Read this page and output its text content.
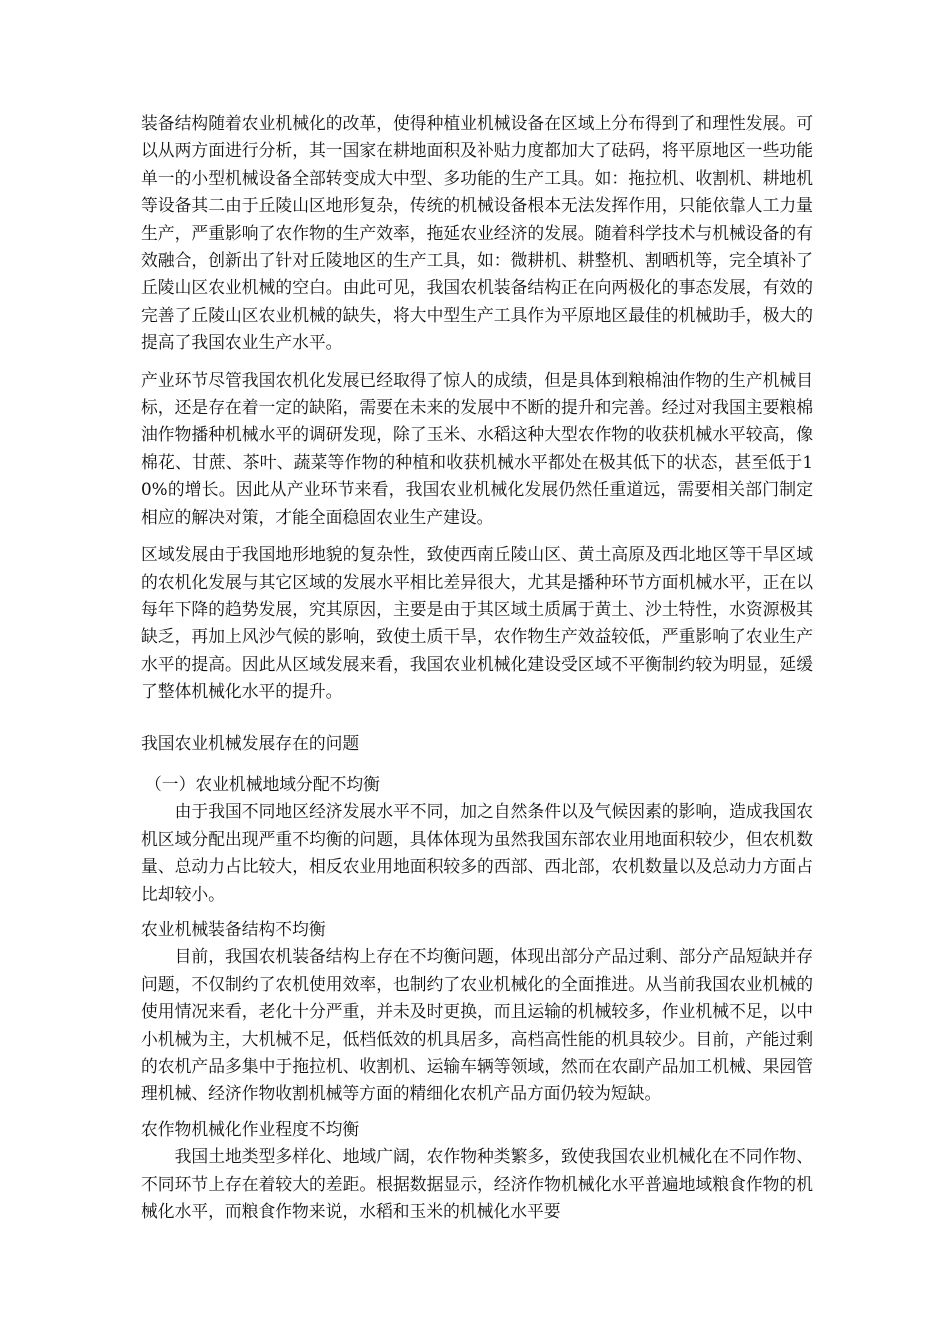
装备结构随着农业机械化的改革，使得种植业机械设备在区域上分布得到了和理性发展。可以从两方面进行分析，其一国家在耕地面积及补贴力度都加大了砝码，将平原地区一些功能单一的小型机械设备全部转变成大中型、多功能的生产工具。如：拖拉机、收割机、耕地机等设备其二由于丘陵山区地形复杂，传统的机械设备根本无法发挥作用，只能依靠人工力量生产，严重影响了农作物的生产效率，拖延农业经济的发展。随着科学技术与机械设备的有效融合，创新出了针对丘陵地区的生产工具，如：微耕机、耕整机、割晒机等，完全填补了丘陵山区农业机械的空白。由此可见，我国农机装备结构正在向两极化的事态发展，有效的完善了丘陵山区农业机械的缺失，将大中型生产工具作为平原地区最佳的机械助手，极大的提高了我国农业生产水平。

产业环节尽管我国农机化发展已经取得了惊人的成绩，但是具体到粮棉油作物的生产机械目标，还是存在着一定的缺陷，需要在未来的发展中不断的提升和完善。经过对我国主要粮棉油作物播种机械水平的调研发现，除了玉米、水稻这种大型农作物的收获机械水平较高，像棉花、甘蔗、茶叶、蔬菜等作物的种植和收获机械水平都处在极其低下的状态，甚至低于10%的增长。因此从产业环节来看，我国农业机械化发展仍然任重道远，需要相关部门制定相应的解决对策，才能全面稳固农业生产建设。

区域发展由于我国地形地貌的复杂性，致使西南丘陵山区、黄土高原及西北地区等干旱区域的农机化发展与其它区域的发展水平相比差异很大，尤其是播种环节方面机械水平，正在以每年下降的趋势发展，究其原因，主要是由于其区域土质属于黄土、沙土特性，水资源极其缺乏，再加上风沙气候的影响，致使土质干旱，农作物生产效益较低，严重影响了农业生产水平的提高。因此从区域发展来看，我国农业机械化建设受区域不平衡制约较为明显，延缓了整体机械化水平的提升。

我国农业机械发展存在的问题

（一）农业机械地域分配不均衡

由于我国不同地区经济发展水平不同，加之自然条件以及气候因素的影响，造成我国农机区域分配出现严重不均衡的问题，具体体现为虽然我国东部农业用地面积较少，但农机数量、总动力占比较大，相反农业用地面积较多的西部、西北部，农机数量以及总动力方面占比却较小。

农业机械装备结构不均衡

目前，我国农机装备结构上存在不均衡问题，体现出部分产品过剩、部分产品短缺并存问题，不仅制约了农机使用效率，也制约了农业机械化的全面推进。从当前我国农业机械的使用情况来看，老化十分严重，并未及时更换，而且运输的机械较多，作业机械不足，以中小机械为主，大机械不足，低档低效的机具居多，高档高性能的机具较少。目前，产能过剩的农机产品多集中于拖拉机、收割机、运输车辆等领域，然而在农副产品加工机械、果园管理机械、经济作物收割机械等方面的精细化农机产品方面仍较为短缺。

农作物机械化作业程度不均衡

我国土地类型多样化、地域广阔，农作物种类繁多，致使我国农业机械化在不同作物、不同环节上存在着较大的差距。根据数据显示，经济作物机械化水平普遍地域粮食作物的机械化水平，而粮食作物来说，水稻和玉米的机械化水平要
